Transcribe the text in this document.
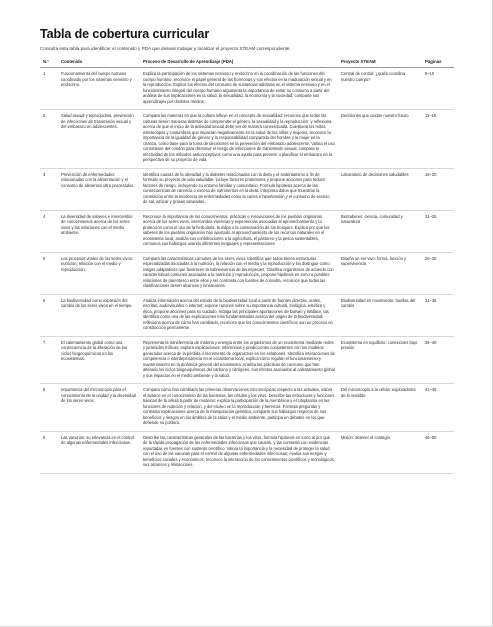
Tabla de cobertura curricular
Consulta esta tabla para identificar el contenido y PDA que deseas trabajar y localizar el proyecto STEAM correspondiente.
N.º	Contenido	Proceso de Desarrollo de Aprendizaje (PDA)	Proyecto STEAM	Páginas
1	Funcionamiento del cuerpo humano coordinado por los sistemas nervioso y endocrino.	Explica la participación de los sistemas nervioso y endocrino en la coordinación de las funciones del cuerpo humano, reconoce el papel general de las hormonas y sus efectos en la maduración sexual y en la reproducción. Explica los efectos del consumo de sustancias adictivas en el sistema nervioso y en el funcionamiento integral del cuerpo humano argumenta la importancia de evitar su consumo a partir del análisis de sus implicaciones en la salud, la sexualidad, la economía y la sociedad; comparte sus aprendizajes por distintos medios.	Central de control: ¿quién coordina nuestro cuerpo?	6–10
2	Salud sexual y reproductiva, prevención de infecciones de transmisión sexual y del embarazo en adolescentes.	Compara las maneras en que la cultura influye en el concepto de sexualidad; reconoce que todas las culturas tienen maneras distintas de comprender el género, la sexualidad y la reproducción; y reflexiona acerca de que el inicio de la actividad sexual debe ser de manera consensuada. Cuestiona los mitos, estereotipos y costumbres que impactan negativamente en la salud de las niñas y mujeres, reconoce la importancia de la igualdad de género y la responsabilidad compartida del hombre y la mujer en la crianza, como base para la toma de decisiones en la prevención del embarazo adolescente. Valora el uso consistente del condón para disminuir el riesgo de infecciones de transmisión sexual, compara la efectividad de los métodos anticonceptivos como una ayuda para prevenir o planificar el embarazo en la perspectiva de su proyecto de vida.	Decisiones que cuidan nuestro futuro	11–15
3	Prevención de enfermedades relacionadas con la alimentación y el consumo de alimentos ultra procesados.	Identifica causas de la obesidad y la diabetes relacionadas con la dieta y el sedentarismo a fin de formular su proyecto de vida saludable, incluye factores protectores y propone acciones para reducir factores de riesgo, incluyendo su entorno familiar y comunitario. Formula hipótesis acerca de las consecuencias de carencia o exceso de nutrimentos en la dieta; interpreta datos que muestran la correlación entre la incidencia de enfermedades como la caries e hipertensión y el consumo de exceso de sal, azúcar y grasas saturadas.	Laboratorio de decisiones saludables	16–20
4	La diversidad de saberes e intercambio de conocimientos acerca de los seres vivos y las relaciones con el medio ambiente.	Reconoce la importancia de los conocimientos, prácticas e innovaciones de los pueblos originarios acerca de los seres vivos, intercambia vivencias y experiencias asociadas al aprovechamiento y la protección como el uso de la herbolaria, la milpa o la conservación de los bosques. Explica por qué los saberes de los pueblos originarios han aportado al aprovechamiento de los recursos naturales en el ecosistema local, analiza sus contribuciones a la agricultura, el pastoreo y la pesca sustentables, comunica sus hallazgos usando diferentes lenguajes y representaciones.	BioSaberes: ciencia, comunidad y naturaleza	21–25
5	Los procesos vitales de los seres vivos: nutrición, relación con el medio y reproducción.	Compara las características comunes de los seres vivos, identifica que todos tienen estructuras especializadas asociadas a la nutrición, la relación con el medio y la reproducción y los distingue como rasgos adaptativos que favorecen la sobrevivencia de las especies. Clasifica organismos de acuerdo con características comunes asociadas a la nutrición y reproducción, propone hipótesis en torno a posibles relaciones de parentesco entre ellos y las contrasta con fuentes de consulta, reconoce que todas las clasificaciones tienen alcances y limitaciones.	Diseña un ser vivo: forma, función y supervivencia	26–30
6	La biodiversidad como expresión del cambio de los seres vivos en el tiempo.	Analiza información acerca del estado de la biodiversidad local a partir de fuentes directas, orales, escritas, audiovisuales o internet; expone razones sobre su importancia cultural, biológica, estética y ética, propone acciones para su cuidado. Indaga las principales aportaciones de Darwin y Wallace, las identifica como una de las explicaciones más fundamentadas acerca del origen de la biodiversidad; reflexiona acerca de cómo han cambiado, reconoce que los conocimientos científicos son un proceso en construcción permanente.	Biodiversidad en movimiento: huellas del cambio	31–35
7	El calentamiento global como una consecuencia de la alteración de los ciclos biogeoquímicos en los ecosistemas.	Representa la transferencia de materia y energía entre los organismos de un ecosistema mediante redes y pirámides tróficas; explora explicaciones, inferencias y predicciones consistentes con los modelos generados acerca de la pérdida o incremento de organismos en los eslabones. Identifica interacciones de competencia e interdependencia en el ecosistema local, explica cómo regulan el funcionamiento y mantenimiento en la dinámica general del ecosistema. Analiza las prácticas de consumo que han alterado los ciclos biogeoquímicos del carbono y nitrógeno, sus efectos asociados al calentamiento global y sus impactos en el medio ambiente y la salud.	Ecosistema en equilibrio: conexiones bajo presión	36–40
8	Importancia del microscopio para el conocimiento de la unidad y la diversidad de los seres vivos.	Compara cómo han cambiado las primeras observaciones microscópicas respecto a las actuales, valora el avance en el conocimiento de las bacterias, las células y los virus. Describe las estructuras y funciones básicas de la célula a partir de modelos; explica la participación de la membrana y el citoplasma en las funciones de nutrición y relación, y del núcleo en la reproducción y herencia. Formula preguntas y contrasta explicaciones acerca de la manipulación genética, comparte sus hallazgos respecto de sus beneficios y riesgos en los ámbitos de la salud y el medio ambiente, participa en debates en los que defiende su postura.	Del microscopio a la célula: exploradores de lo invisible	41–45
9	Las vacunas: su relevancia en el control de algunas enfermedades infecciosas.	Describe las características generales de las bacterias y los virus, formula hipótesis en torno al por qué de la rápida propagación de las enfermedades infecciosas que causan, y las contrasta con evidencias reportadas en fuentes con sustento científico. Valora la importancia y la necesidad de proteger la salud con el uso de las vacunas para el control de algunas enfermedades infecciosas; evalúa sus riesgos y beneficios sociales y económicos; reconoce la interacción de los conocimientos científicos y tecnológicos, sus alcances y limitaciones.	Misión: detener el contagio	46–50
